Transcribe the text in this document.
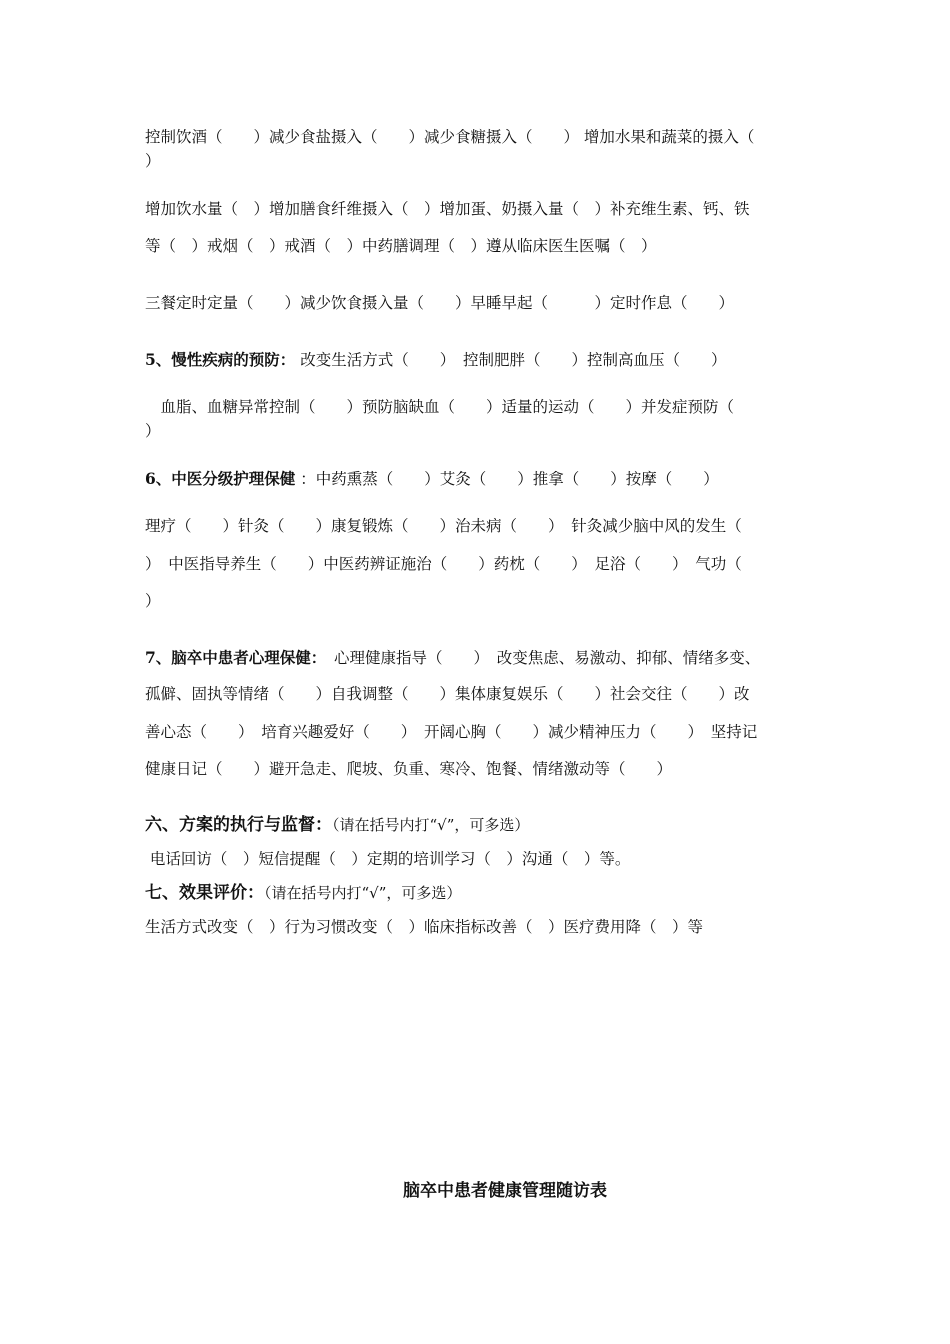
控制饮酒（　　）减少食盐摄入（　　）减少食糖摄入（　　） 增加水果和蔬菜的摄入（
）
增加饮水量（　）增加膳食纤维摄入（　）增加蛋、奶摄入量（　）补充维生素、钙、铁
等（　）戒烟（　）戒酒（　）中药膳调理（　）遵从临床医生医嘱（　）
三餐定时定量（　　）减少饮食摄入量（　　）早睡早起（　　　）定时作息（　　）
5、慢性疾病的预防： 改变生活方式（　　）　控制肥胖（　　）控制高血压（　　）
　血脂、血糖异常控制（　　）预防脑缺血（　　）适量的运动（　　）并发症预防（
）
6、中医分级护理保健 ：中药熏蒸（　　）艾灸（　　）推拿（　　）按摩（　　）
理疗（　　）针灸（　　）康复锻炼（　　）治未病（　　）　针灸减少脑中风的发生（
）　中医指导养生（　　）中医药辨证施治（　　）药枕（　　）　足浴（　　）　气功（
）
7、脑卒中患者心理保健：　心理健康指导（　　）　改变焦虑、易激动、抑郁、情绪多变、
孤僻、固执等情绪（　　）自我调整（　　）集体康复娱乐（　　）社会交往（　　）改
善心态（　　）　培育兴趣爱好（　　）　开阔心胸（　　）减少精神压力（　　）　坚持记
健康日记（　　）避开急走、爬坡、负重、寒冷、饱餐、情绪激动等（　　）
六、方案的执行与监督：（请在括号内打“√”，可多选）
电话回访（　）短信提醒（　）定期的培训学习（　）沟通（　）等。
七、效果评价：（请在括号内打“√”，可多选）
生活方式改变（　）行为习惯改变（　）临床指标改善（　）医疗费用降（　）等
脑卒中患者健康管理随访表
